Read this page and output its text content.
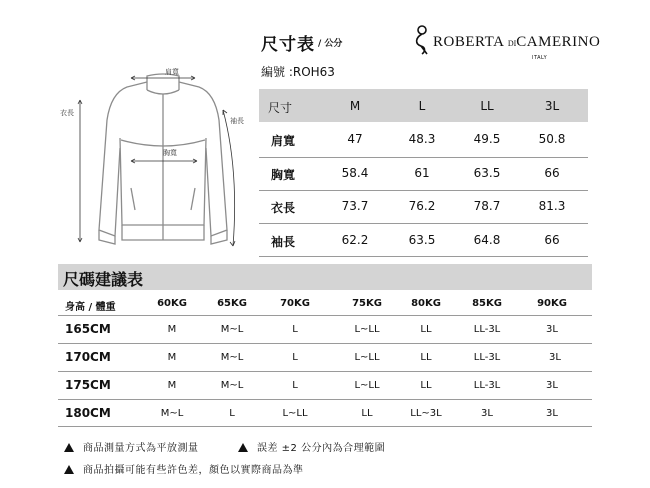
尺寸表 / 公分
編號 :ROH63
ROBERTA DICAMERINO
ITALY
肩寬
胸寬
衣長
袖長
尺寸	M	L	LL	3L
肩寬	47	48.3	49.5	50.8
胸寬	58.4	61	63.5	66
衣長	73.7	76.2	78.7	81.3
袖長	62.2	63.5	64.8	66
尺碼建議表
身高 / 體重	60KG	65KG	70KG	75KG	80KG	85KG	90KG
165CM	M	M~L	L	L~LL	LL	LL-3L	3L
170CM	M	M~L	L	L~LL	LL	LL-3L	3L
175CM	M	M~L	L	L~LL	LL	LL-3L	3L
180CM	M~L	L	L~LL	LL	LL~3L	3L	3L
商品測量方式為平放測量	誤差 ±2 公分內為合理範圍
商品拍攝可能有些許色差，顏色以實際商品為準
